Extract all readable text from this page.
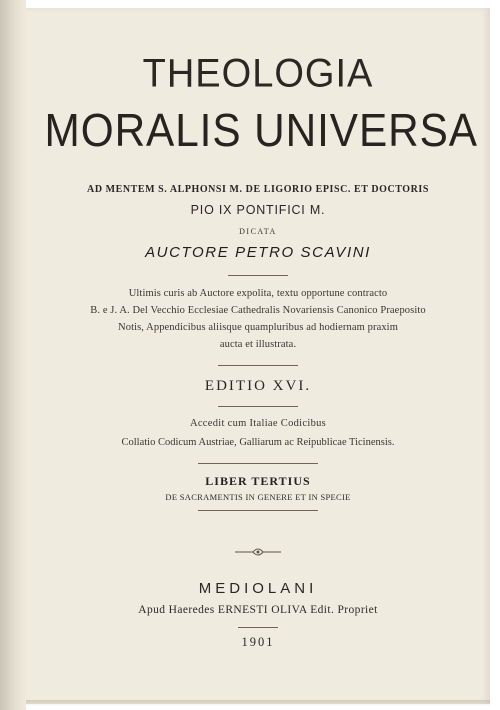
THEOLOGIA

MORALIS UNIVERSA

AD MENTEM S. ALPHONSI M. DE LIGORIO EPISC. ET DOCTORIS

PIO IX PONTIFICI M.

DICATA

AUCTORE PETRO SCAVINI

Ultimis curis ab Auctore expolita, textu opportune contracto

B. e J. A. Del Vecchio Ecclesiae Cathedralis Novariensis Canonico Praeposito

Notis, Appendicibus aliisque quampluribus ad hodiernam praxim

aucta et illustrata.

EDITIO XVI.

Accedit cum Italiae Codicibus

Collatio Codicum Austriae, Galliarum ac Reipublicae Ticinensis.

LIBER TERTIUS

DE SACRAMENTIS IN GENERE ET IN SPECIE

MEDIOLANI

Apud Haeredes ERNESTI OLIVA Edit. Propriet

1901
